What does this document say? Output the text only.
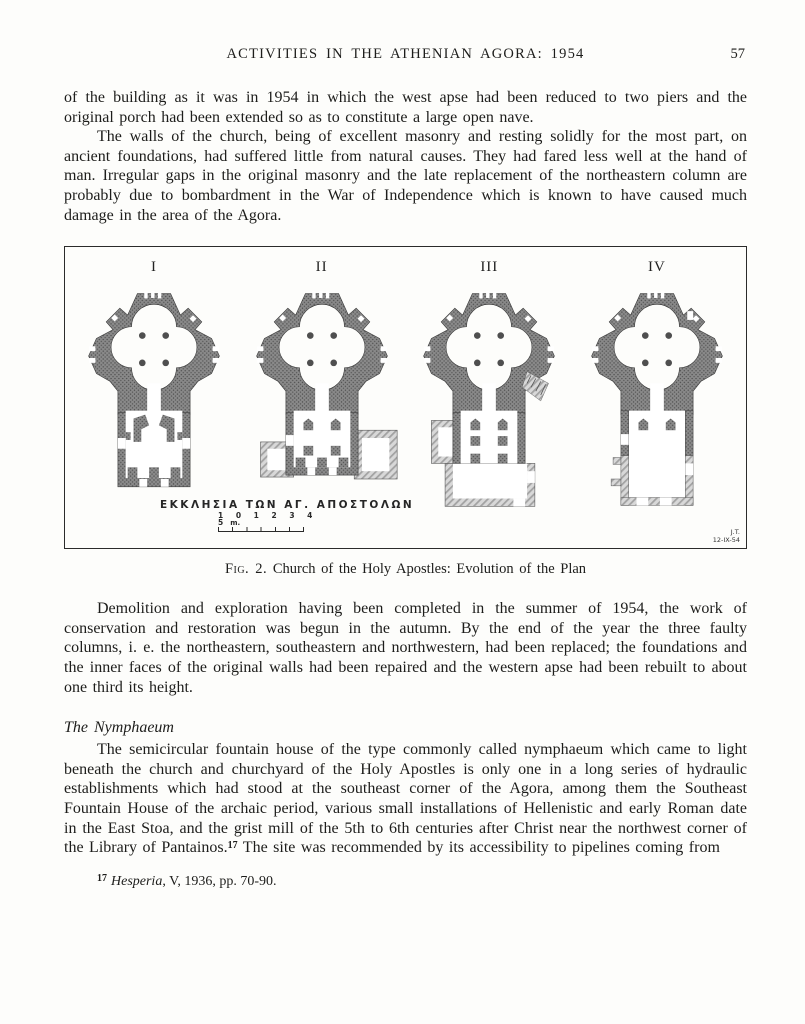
ACTIVITIES IN THE ATHENIAN AGORA: 1954	57

of the building as it was in 1954 in which the west apse had been reduced to two piers and the original porch had been extended so as to constitute a large open nave.

The walls of the church, being of excellent masonry and resting solidly for the most part, on ancient foundations, had suffered little from natural causes. They had fared less well at the hand of man. Irregular gaps in the original masonry and the late replacement of the northeastern column are probably due to bombardment in the War of Independence which is known to have caused much damage in the area of the Agora.

I	II	III	IV
ΕΚΚΛΗΣΙΑ ΤΩΝ ΑΓ. ΑΠΟΣΤΟΛΩΝ
1 0 1 2 3 4 5 m.
J.T.
12-IX-54
Fig. 2. Church of the Holy Apostles: Evolution of the Plan

Demolition and exploration having been completed in the summer of 1954, the work of conservation and restoration was begun in the autumn. By the end of the year the three faulty columns, i. e. the northeastern, southeastern and northwestern, had been replaced; the foundations and the inner faces of the original walls had been repaired and the western apse had been rebuilt to about one third its height.

The Nymphaeum

The semicircular fountain house of the type commonly called nymphaeum which came to light beneath the church and churchyard of the Holy Apostles is only one in a long series of hydraulic establishments which had stood at the southeast corner of the Agora, among them the Southeast Fountain House of the archaic period, various small installations of Hellenistic and early Roman date in the East Stoa, and the grist mill of the 5th to 6th centuries after Christ near the northwest corner of the Library of Pantainos.$^{17}$ The site was recommended by its accessibility to pipelines coming from

$^{17}$ Hesperia, V, 1936, pp. 70-90.
